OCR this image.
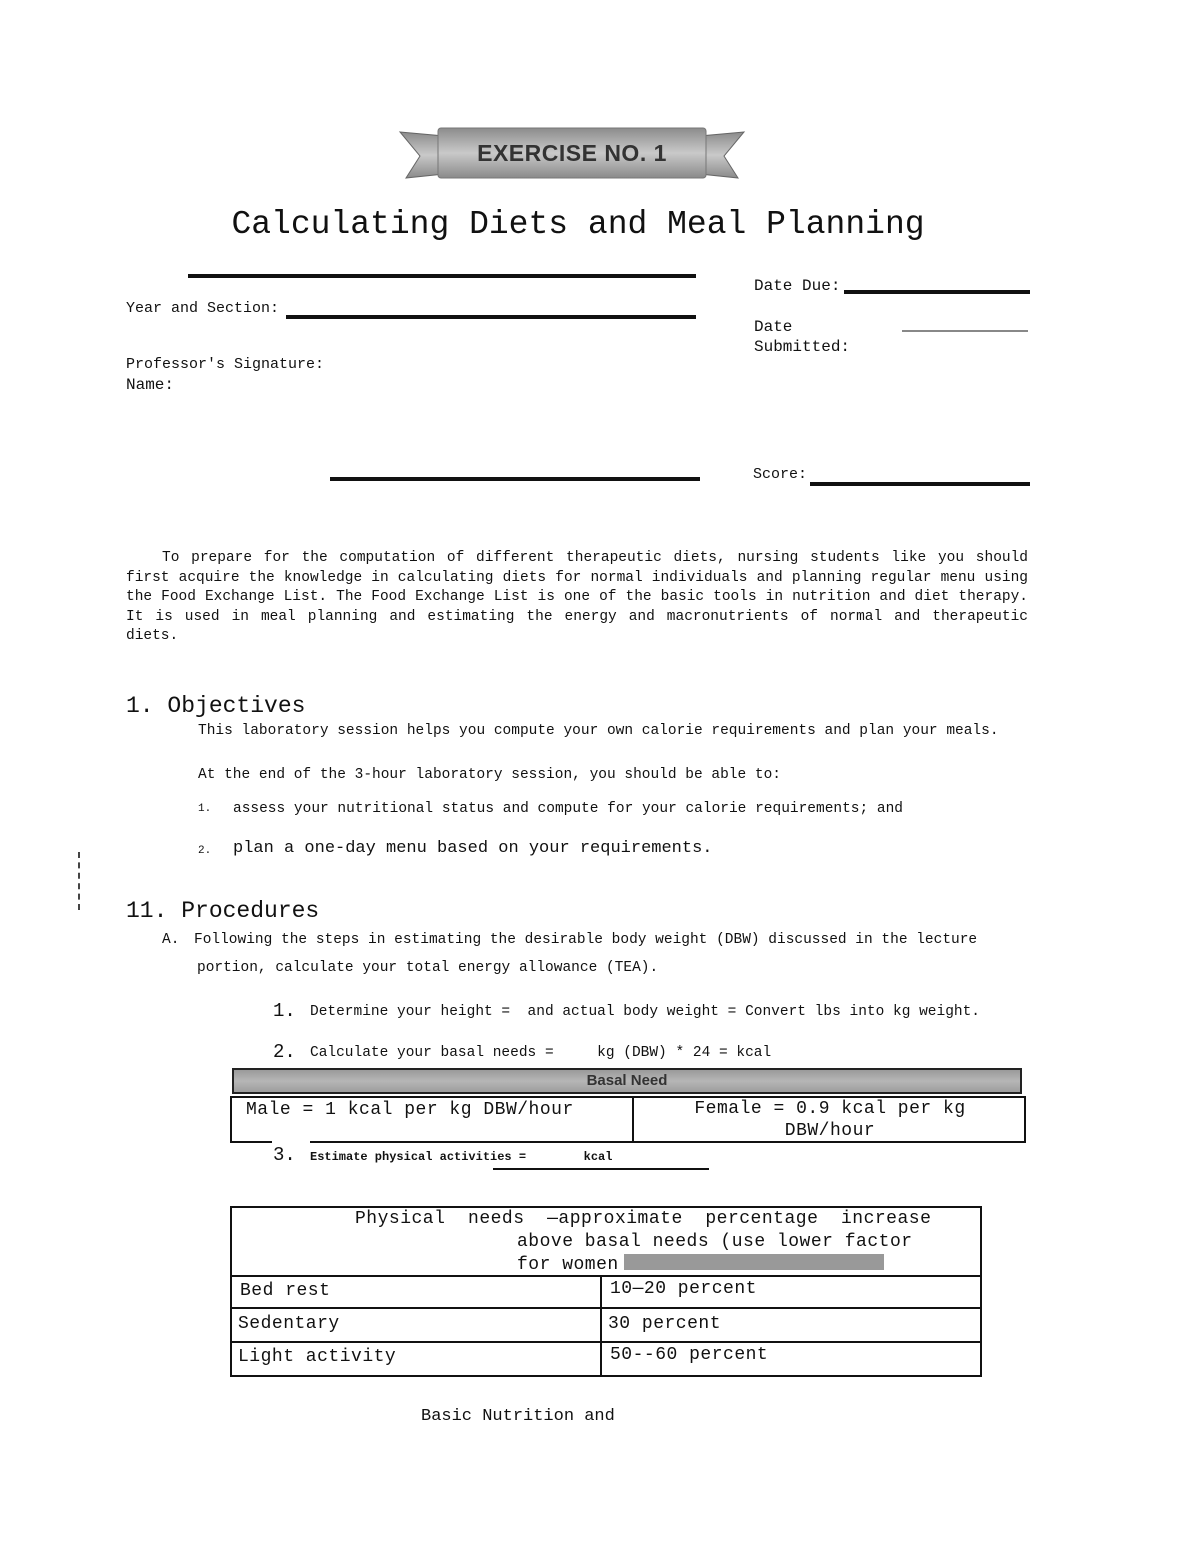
EXERCISE NO. 1
Calculating Diets and Meal Planning
Year and Section:
Professor's Signature:
Name:
Date Due:
Date
Submitted:
Score:
To prepare for the computation of different therapeutic diets, nursing students like you should first acquire the knowledge in calculating diets for normal individuals and planning regular menu using the Food Exchange List. The Food Exchange List is one of the basic tools in nutrition and diet therapy. It is used in meal planning and estimating the energy and macronutrients of normal and therapeutic diets.
1. Objectives
This laboratory session helps you compute your own calorie requirements and plan your meals.
At the end of the 3-hour laboratory session, you should be able to:
1. assess your nutritional status and compute for your calorie requirements; and
2. plan a one-day menu based on your requirements.
11. Procedures
A. Following the steps in estimating the desirable body weight (DBW) discussed in the lecture
portion, calculate your total energy allowance (TEA).
1. Determine your height =  and actual body weight = Convert lbs into kg weight.
2. Calculate your basal needs =     kg (DBW) * 24 = kcal
Basal Need
Male = 1 kcal per kg DBW/hour	Female = 0.9 kcal per kg
DBW/hour
3. Estimate physical activities =        kcal
Physical  needs  —approximate  percentage  increase
above basal needs (use lower factor
for women
Bed rest	10—20 percent
Sedentary	30 percent
Light activity	50--60 percent
Basic Nutrition and
